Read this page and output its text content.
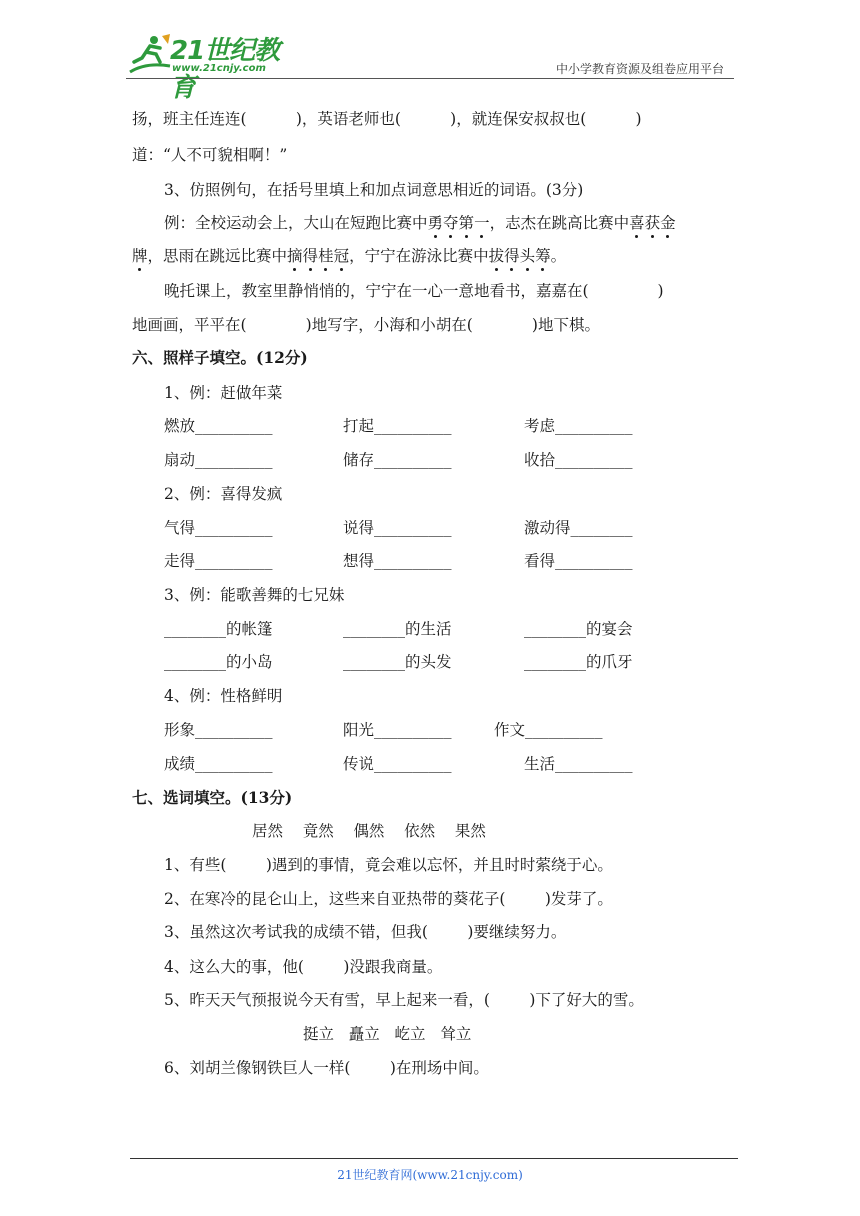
21世纪教育
www.21cnjy.com	中小学教育资源及组卷应用平台
扬，班主任连连(          )，英语老师也(          )，就连保安叔叔也(          )
道：“人不可貌相啊！”
3、仿照例句，在括号里填上和加点词意思相近的词语。(3分)
例：全校运动会上，大山在短跑比赛中勇夺第一，志杰在跳高比赛中喜获金
牌，思雨在跳远比赛中摘得桂冠，宁宁在游泳比赛中拔得头筹。
晚托课上，教室里静悄悄的，宁宁在一心一意地看书，嘉嘉在(              )
地画画，平平在(            )地写字，小海和小胡在(            )地下棋。
六、照样子填空。(12分)
1、例：赶做年菜
燃放__________	打起__________	考虑__________
扇动__________	储存__________	收拾__________
2、例：喜得发疯
气得__________	说得__________	激动得________
走得__________	想得__________	看得__________
3、例：能歌善舞的七兄妹
________的帐篷	________的生活	________的宴会
________的小岛	________的头发	________的爪牙
4、例：性格鲜明
形象__________	阳光__________	作文__________
成绩__________	传说__________	生活__________
七、选词填空。(13分)
居然    竟然    偶然    依然    果然
1、有些(        )遇到的事情，竟会难以忘怀，并且时时萦绕于心。
2、在寒冷的昆仑山上，这些来自亚热带的葵花子(        )发芽了。
3、虽然这次考试我的成绩不错，但我(        )要继续努力。
4、这么大的事，他(        )没跟我商量。
5、昨天天气预报说今天有雪，早上起来一看，(        )下了好大的雪。
挺立   矗立   屹立   耸立
6、刘胡兰像钢铁巨人一样(        )在刑场中间。
21世纪教育网(www.21cnjy.com)
